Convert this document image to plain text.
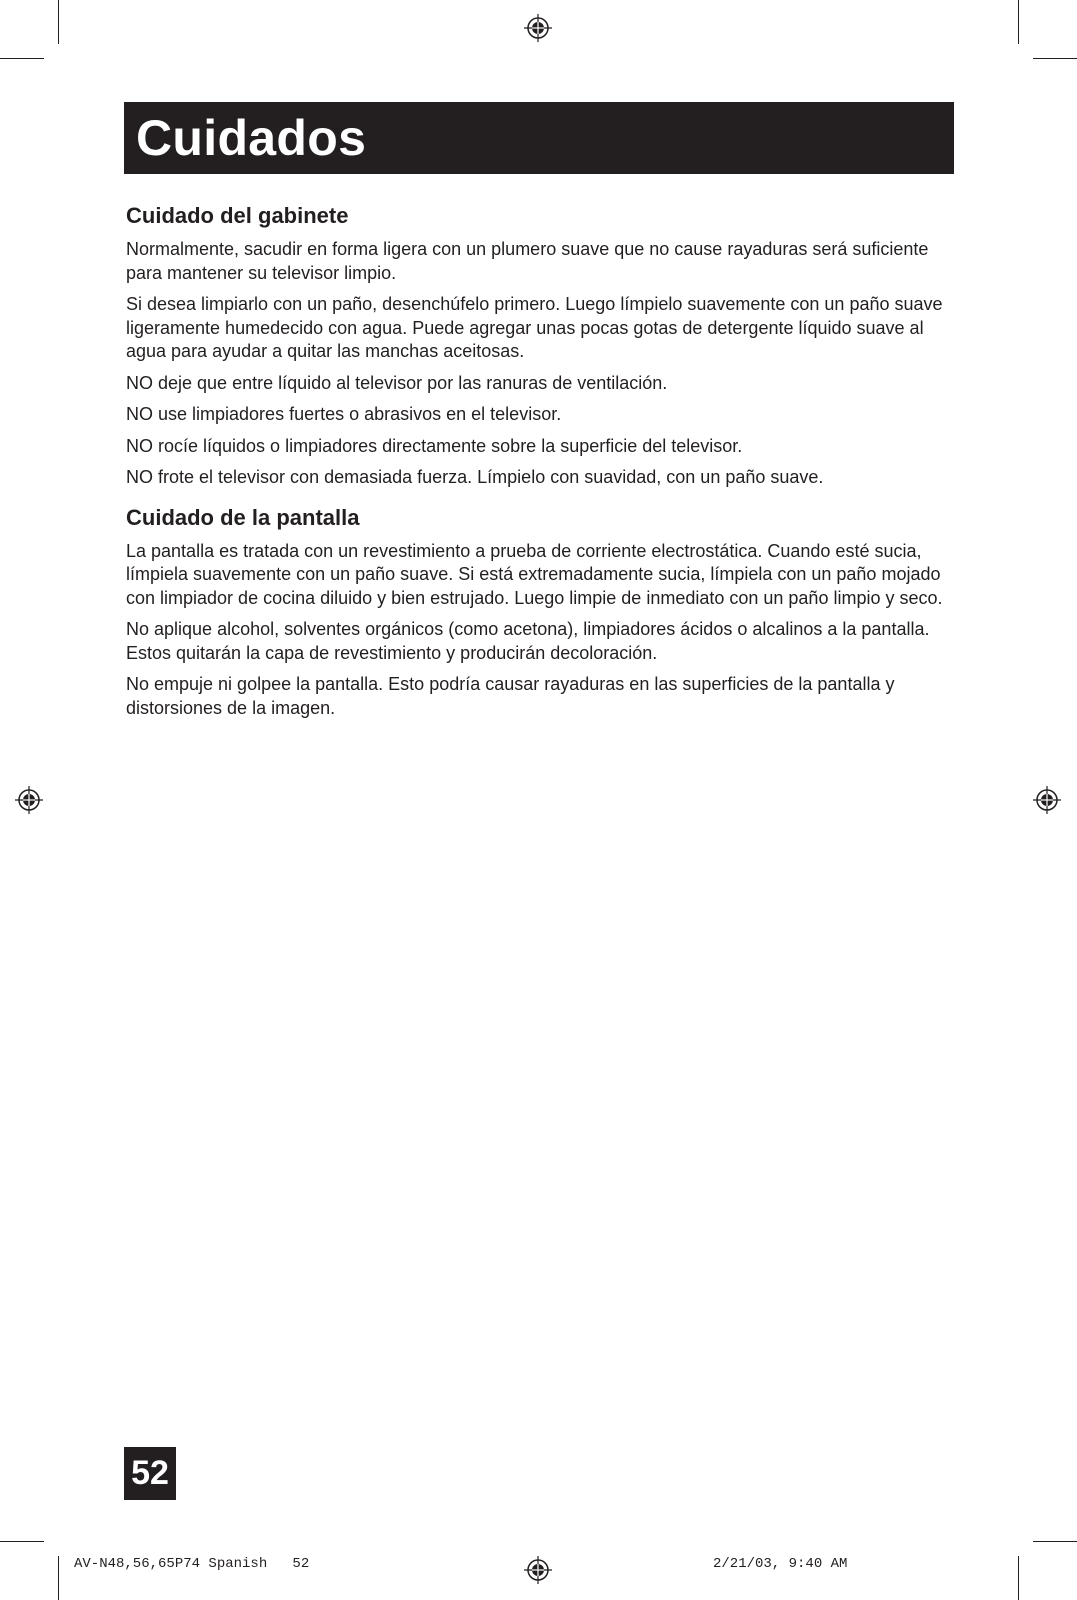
Cuidados
Cuidado del gabinete

Normalmente, sacudir en forma ligera con un plumero suave que no cause rayaduras será suficiente para mantener su televisor limpio.

Si desea limpiarlo con un paño, desenchúfelo primero. Luego límpielo suavemente con un paño suave ligeramente humedecido con agua. Puede agregar unas pocas gotas de detergente líquido suave al agua para ayudar a quitar las manchas aceitosas.

NO deje que entre líquido al televisor por las ranuras de ventilación.

NO use limpiadores fuertes o abrasivos en el televisor.

NO rocíe líquidos o limpiadores directamente sobre la superficie del televisor.

NO frote el televisor con demasiada fuerza. Límpielo con suavidad, con un paño suave.

Cuidado de la pantalla

La pantalla es tratada con un revestimiento a prueba de corriente electrostática. Cuando esté sucia, límpiela suavemente con un paño suave. Si está extremadamente sucia, límpiela con un paño mojado con limpiador de cocina diluido y bien estrujado. Luego limpie de inmediato con un paño limpio y seco.

No aplique alcohol, solventes orgánicos (como acetona), limpiadores ácidos o alcalinos a la pantalla. Estos quitarán la capa de revestimiento y producirán decoloración.

No empuje ni golpee la pantalla. Esto podría causar rayaduras en las superficies de la pantalla y distorsiones de la imagen.

52
AV-N48,56,65P74 Spanish   52	2/21/03, 9:40 AM
